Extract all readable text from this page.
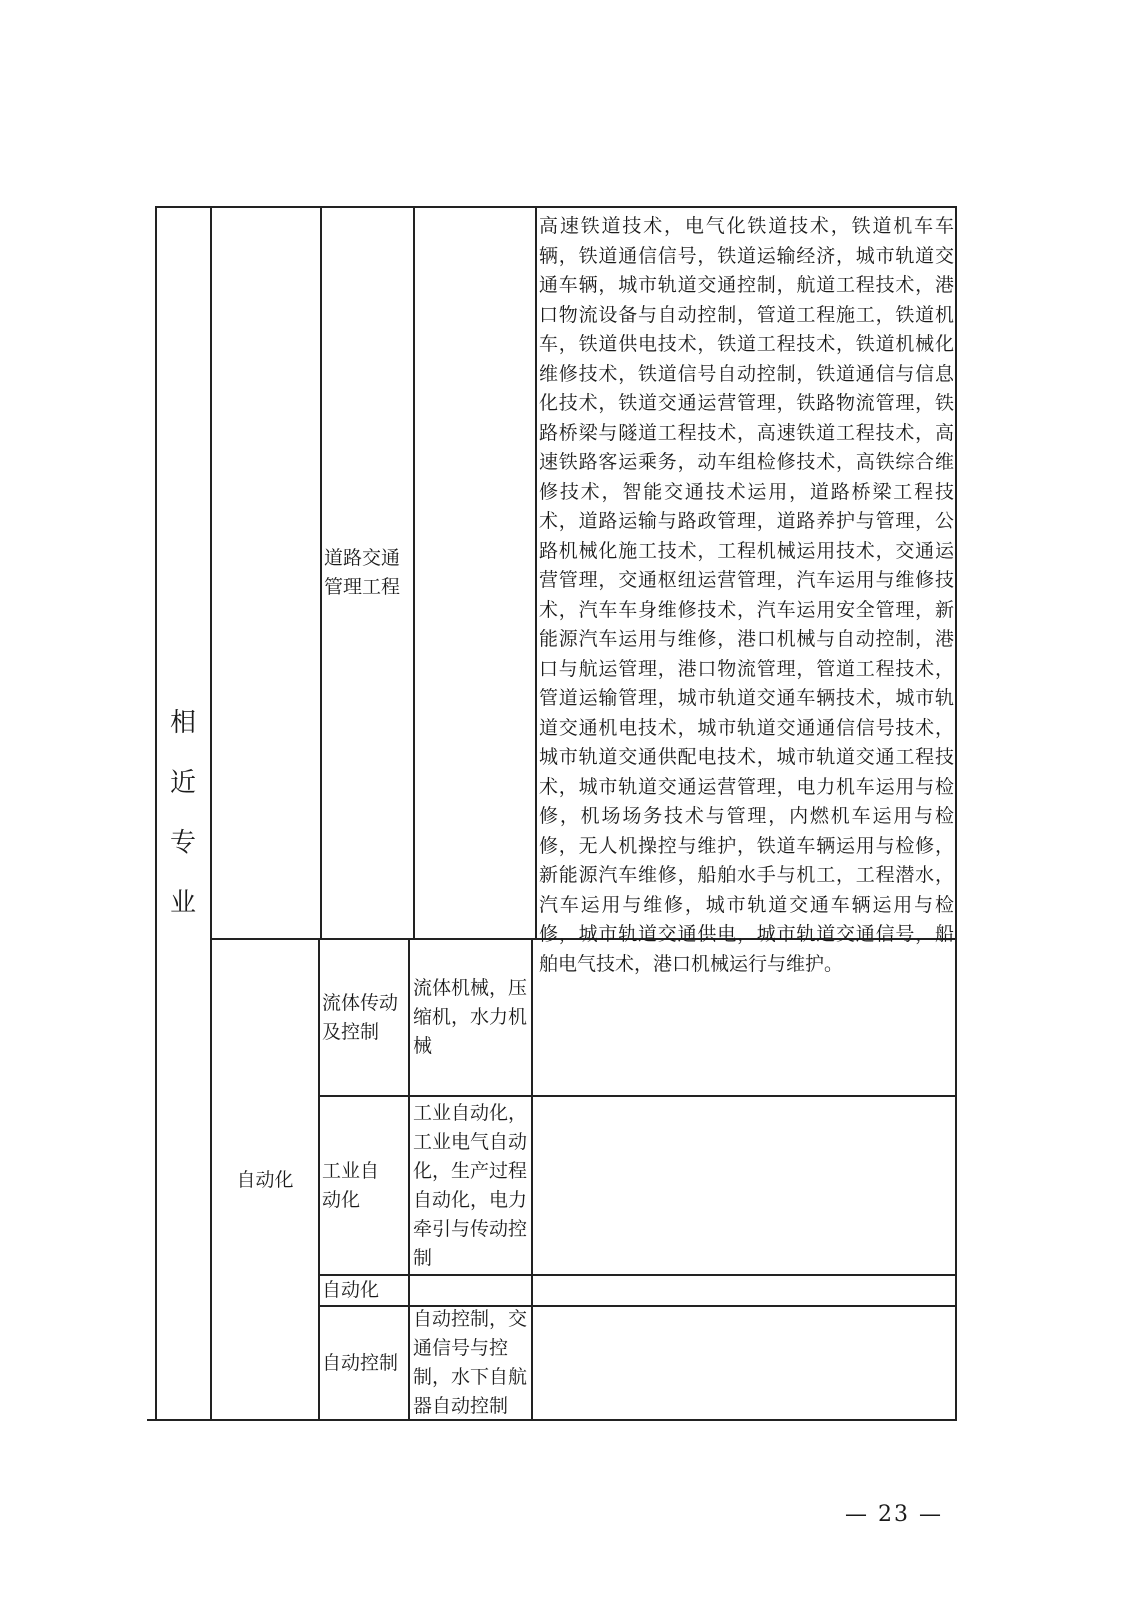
相近专业
道路交通管理工程
高速铁道技术，电气化铁道技术，铁道机车车辆，铁道通信信号，铁道运输经济，城市轨道交通车辆，城市轨道交通控制，航道工程技术，港口物流设备与自动控制，管道工程施工，铁道机车，铁道供电技术，铁道工程技术，铁道机械化维修技术，铁道信号自动控制，铁道通信与信息化技术，铁道交通运营管理，铁路物流管理，铁路桥梁与隧道工程技术，高速铁道工程技术，高速铁路客运乘务，动车组检修技术，高铁综合维修技术，智能交通技术运用，道路桥梁工程技术，道路运输与路政管理，道路养护与管理，公路机械化施工技术，工程机械运用技术，交通运营管理，交通枢纽运营管理，汽车运用与维修技术，汽车车身维修技术，汽车运用安全管理，新能源汽车运用与维修，港口机械与自动控制，港口与航运管理，港口物流管理，管道工程技术，管道运输管理，城市轨道交通车辆技术，城市轨道交通机电技术，城市轨道交通通信信号技术，城市轨道交通供配电技术，城市轨道交通工程技术，城市轨道交通运营管理，电力机车运用与检修，机场场务技术与管理，内燃机车运用与检修，无人机操控与维护，铁道车辆运用与检修，新能源汽车维修，船舶水手与机工，工程潜水，汽车运用与维修，城市轨道交通车辆运用与检修，城市轨道交通供电，城市轨道交通信号，船舶电气技术，港口机械运行与维护。
自动化
流体传动及控制
流体机械，压缩机，水力机械
工业自动化
工业自动化，工业电气自动化，生产过程自动化，电力牵引与传动控制
自动化
自动控制
自动控制，交通信号与控制，水下自航器自动控制
— 23 —
